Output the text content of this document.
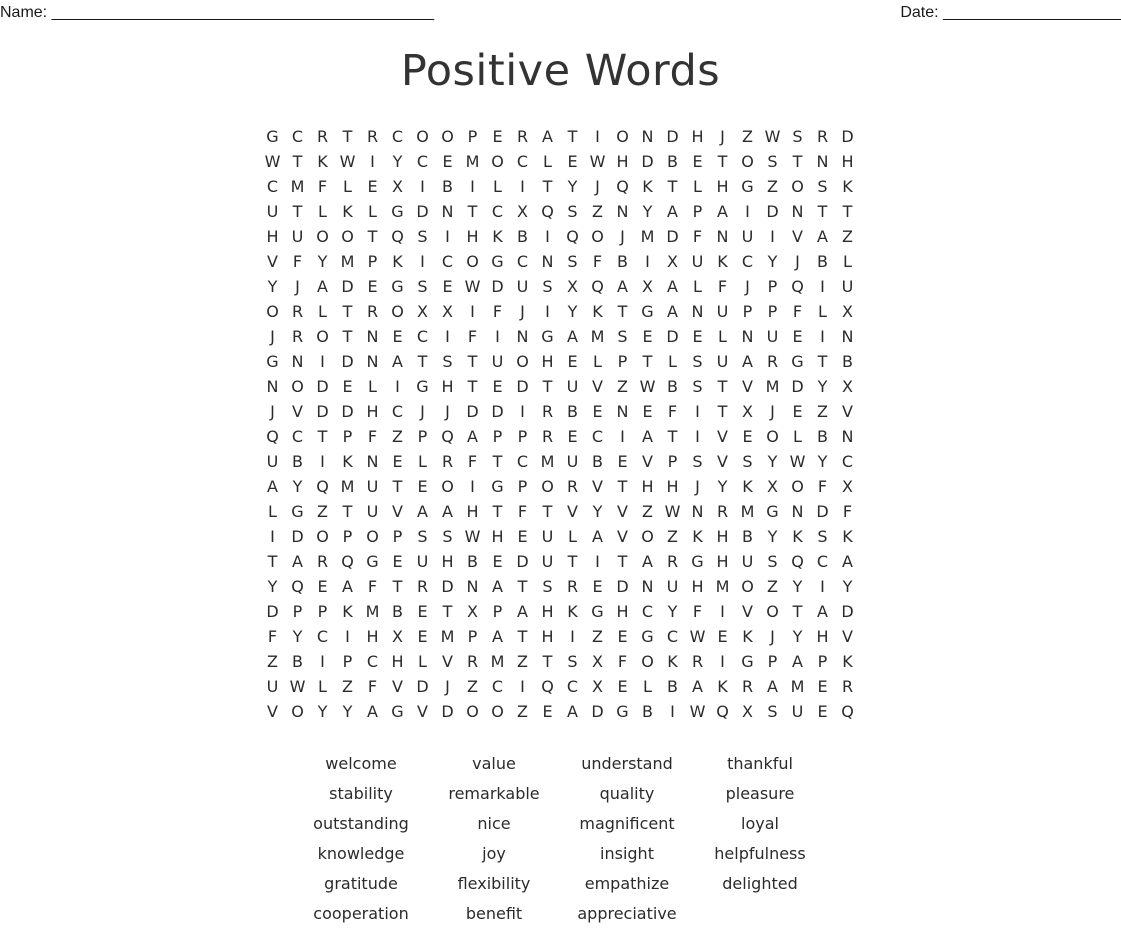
Name: ___________________________________________	Date: ____________________
Positive Words
G C R T R C O O P E R A T	I	O N D H	J	Z W S R D
W T K W I	Y C E M O C L E W H D B E T O S T N H
C M F L E X	I	B	I	L	I	T Y	J	Q K T L H G Z O S K
U T L K L G D N T C X Q S Z N Y A P A	I	D N T T
H U O O T Q S	I	H K B	I	Q O	J M D F N U	I	V A Z
V F Y M P K	I	C O G C N S F B	I	X U K C Y	J	B L
Y	J	A D E G S E W D U S X Q A X A L F	J	P Q	I	U
O R L T R O X X	I	F	J	I	Y K T G A N U P P F L X
J	R O T N E C	I	F	I	N G A M S E D E L N U E	I	N
G N	I	D N A T S T U O H E L P T L S U A R G T B
N O D E L	I	G H T E D T U V Z W B S T V M D Y X
J	V D D H C	J	J	D D	I	R B E N E F	I	T X	J	E Z V
Q C T P F Z P Q A P P R E C	I	A T	I	V E O L B N
U B	I	K N E L R F T C M U B E V P S V S Y W Y C
A Y Q M U T E O	I	G P O R V T H H	J	Y K X O F X
L G Z T U V A A H T F T V Y V Z W N R M G N D F
I	D O P O P S S W H E U L A V O Z K H B Y K S K
T A R Q G E U H B E D U T	I	T A R G H U S Q C A
Y Q E A F T R D N A T S R E D N U H M O Z Y	I	Y
D P P K M B E T X P A H K G H C Y F	I	V O T A D
F Y C	I	H X E M P A T H	I	Z E G C W E K	J	Y H V
Z B	I	P C H L V R M Z T S X F O K R	I	G P A P K
U W L Z F V D	J	Z C	I	Q C X E L B A K R A M E R
V O Y Y A G V D O O Z E A D G B	I W Q X S U E Q
welcome	value	understand	thankful
stability	remarkable	quality	pleasure
outstanding	nice	magnificent	loyal
knowledge	joy	insight	helpfulness
gratitude	flexibility	empathize	delighted
cooperation	benefit	appreciative
